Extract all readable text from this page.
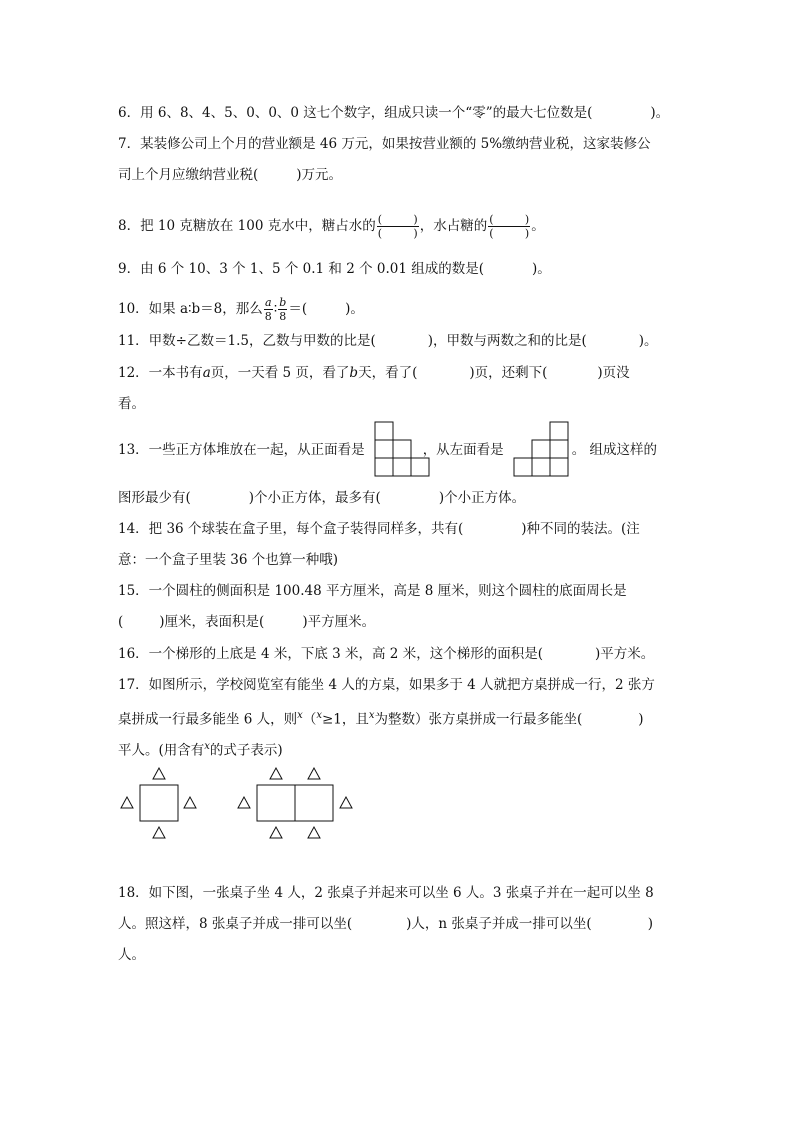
6．用 6、8、4、5、0、0、0 这七个数字，组成只读一个“零”的最大七位数是(	)。
7．某装修公司上个月的营业额是 46 万元，如果按营业额的 5%缴纳营业税，这家装修公
司上个月应缴纳营业税(	)万元。
8．把 10 克糖放在 100 克水中，糖占水的 (	)
(	) ，水占糖的 (	)
(	) 。
9．由 6 个 10、3 个 1、5 个 0.1 和 2 个 0.01 组成的数是(	)。
10．如果 a∶b＝8，那么 $\frac{a}{8}$ ∶ $\frac{b}{8}$ ＝(	)。
11．甲数÷乙数＝1.5，乙数与甲数的比是(	)，甲数与两数之和的比是(	)。
12．一本书有a页，一天看 5 页，看了b天，看了(	)页，还剩下(	)页没
看。
13．一些正方体堆放在一起，从正面看是	，从左面看是	。 组成这样的
图形最少有(	)个小正方体，最多有(	)个小正方体。
14．把 36 个球装在盒子里，每个盒子装得同样多，共有(	)种不同的装法。(注
意：一个盒子里装 36 个也算一种哦)
15．一个圆柱的侧面积是 100.48 平方厘米，高是 8 厘米，则这个圆柱的底面周长是
(	)厘米，表面积是(	)平方厘米。
16．一个梯形的上底是 4 米，下底 3 米，高 2 米，这个梯形的面积是(	)平方米。
17．如图所示，学校阅览室有能坐 4 人的方桌，如果多于 4 人就把方桌拼成一行，2 张方
桌拼成一行最多能坐 6 人，则$^x$（$^x$≥1，且$^x$为整数）张方桌拼成一行最多能坐(	)
平人。(用含有$^x$的式子表示)
18．如下图，一张桌子坐 4 人，2 张桌子并起来可以坐 6 人。3 张桌子并在一起可以坐 8
人。照这样，8 张桌子并成一排可以坐(	)人，n 张桌子并成一排可以坐(	)
人。
